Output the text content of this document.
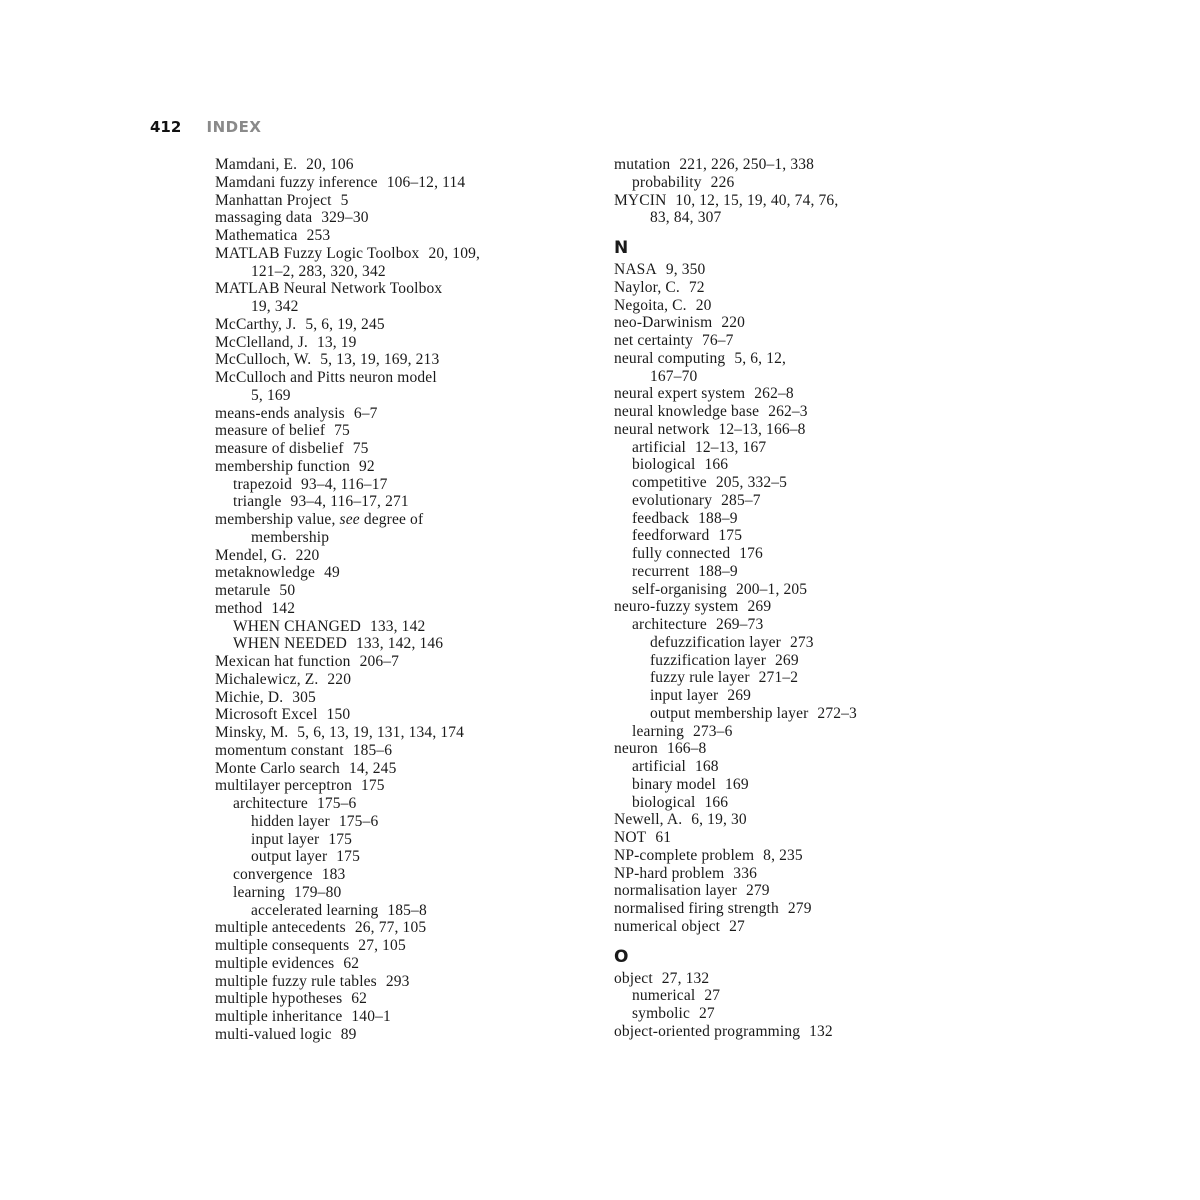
412 INDEX
Mamdani, E. 20, 106
Mamdani fuzzy inference 106–12, 114
Manhattan Project 5
massaging data 329–30
Mathematica 253
MATLAB Fuzzy Logic Toolbox 20, 109,
121–2, 283, 320, 342
MATLAB Neural Network Toolbox
19, 342
McCarthy, J. 5, 6, 19, 245
McClelland, J. 13, 19
McCulloch, W. 5, 13, 19, 169, 213
McCulloch and Pitts neuron model
5, 169
means-ends analysis 6–7
measure of belief 75
measure of disbelief 75
membership function 92
trapezoid 93–4, 116–17
triangle 93–4, 116–17, 271
membership value, see degree of
membership
Mendel, G. 220
metaknowledge 49
metarule 50
method 142
WHEN CHANGED 133, 142
WHEN NEEDED 133, 142, 146
Mexican hat function 206–7
Michalewicz, Z. 220
Michie, D. 305
Microsoft Excel 150
Minsky, M. 5, 6, 13, 19, 131, 134, 174
momentum constant 185–6
Monte Carlo search 14, 245
multilayer perceptron 175
architecture 175–6
hidden layer 175–6
input layer 175
output layer 175
convergence 183
learning 179–80
accelerated learning 185–8
multiple antecedents 26, 77, 105
multiple consequents 27, 105
multiple evidences 62
multiple fuzzy rule tables 293
multiple hypotheses 62
multiple inheritance 140–1
multi-valued logic 89
mutation 221, 226, 250–1, 338
probability 226
MYCIN 10, 12, 15, 19, 40, 74, 76,
83, 84, 307
N
NASA 9, 350
Naylor, C. 72
Negoita, C. 20
neo-Darwinism 220
net certainty 76–7
neural computing 5, 6, 12,
167–70
neural expert system 262–8
neural knowledge base 262–3
neural network 12–13, 166–8
artificial 12–13, 167
biological 166
competitive 205, 332–5
evolutionary 285–7
feedback 188–9
feedforward 175
fully connected 176
recurrent 188–9
self-organising 200–1, 205
neuro-fuzzy system 269
architecture 269–73
defuzzification layer 273
fuzzification layer 269
fuzzy rule layer 271–2
input layer 269
output membership layer 272–3
learning 273–6
neuron 166–8
artificial 168
binary model 169
biological 166
Newell, A. 6, 19, 30
NOT 61
NP-complete problem 8, 235
NP-hard problem 336
normalisation layer 279
normalised firing strength 279
numerical object 27
O
object 27, 132
numerical 27
symbolic 27
object-oriented programming 132
